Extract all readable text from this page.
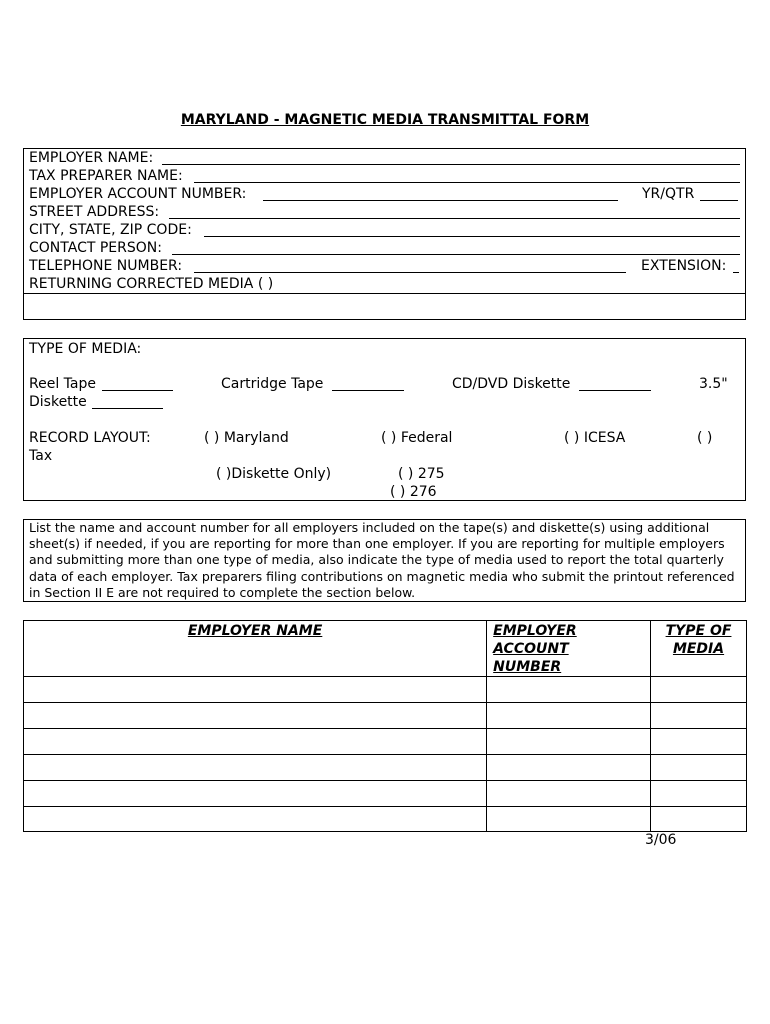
MARYLAND - MAGNETIC MEDIA TRANSMITTAL FORM
EMPLOYER NAME:
TAX PREPARER NAME:
EMPLOYER ACCOUNT NUMBER:	YR/QTR
STREET ADDRESS:
CITY, STATE, ZIP CODE:
CONTACT PERSON:
TELEPHONE NUMBER:	EXTENSION:
RETURNING CORRECTED MEDIA ( )
TYPE OF MEDIA:
Reel Tape	Cartridge Tape	CD/DVD Diskette	3.5"
Diskette
RECORD LAYOUT:	( ) Maryland	( ) Federal	( ) ICESA	( )
Tax
( )Diskette Only)	( ) 275
( ) 276
List the name and account number for all employers included on the tape(s) and diskette(s) using additional sheet(s) if needed, if you are reporting for more than one employer. If you are reporting for multiple employers and submitting more than one type of media, also indicate the type of media used to report the total quarterly data of each employer. Tax preparers filing contributions on magnetic media who submit the printout referenced in Section II E are not required to complete the section below.
EMPLOYER NAME	EMPLOYER ACCOUNT NUMBER	TYPE OF MEDIA

3/06
